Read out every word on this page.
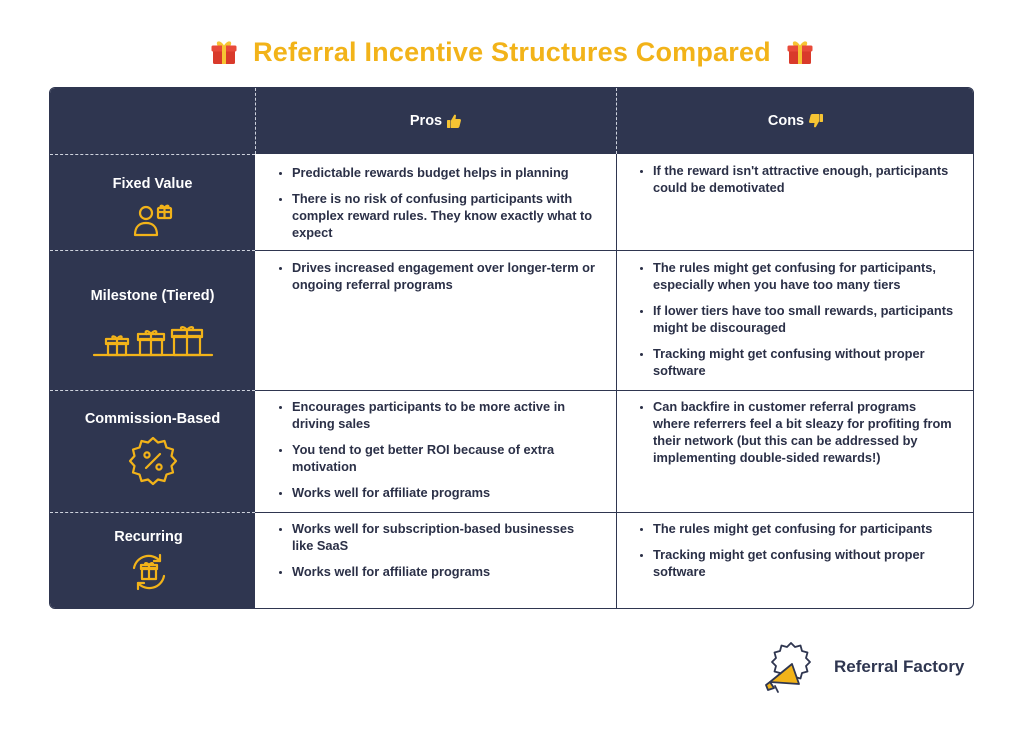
Referral Incentive Structures Compared
Pros	Cons
Fixed Value
• Predictable rewards budget helps in planning
• There is no risk of confusing participants with complex reward rules. They know exactly what to expect
• If the reward isn't attractive enough, participants could be demotivated
Milestone (Tiered)
• Drives increased engagement over longer-term or ongoing referral programs
• The rules might get confusing for participants, especially when you have too many tiers
• If lower tiers have too small rewards, participants might be discouraged
• Tracking might get confusing without proper software
Commission-Based
• Encourages participants to be more active in driving sales
• You tend to get better ROI because of extra motivation
• Works well for affiliate programs
• Can backfire in customer referral programs where referrers feel a bit sleazy for profiting from their network (but this can be addressed by implementing double-sided rewards!)
Recurring
• Works well for subscription-based businesses like SaaS
• Works well for affiliate programs
• The rules might get confusing for participants
• Tracking might get confusing without proper software
Referral Factory
